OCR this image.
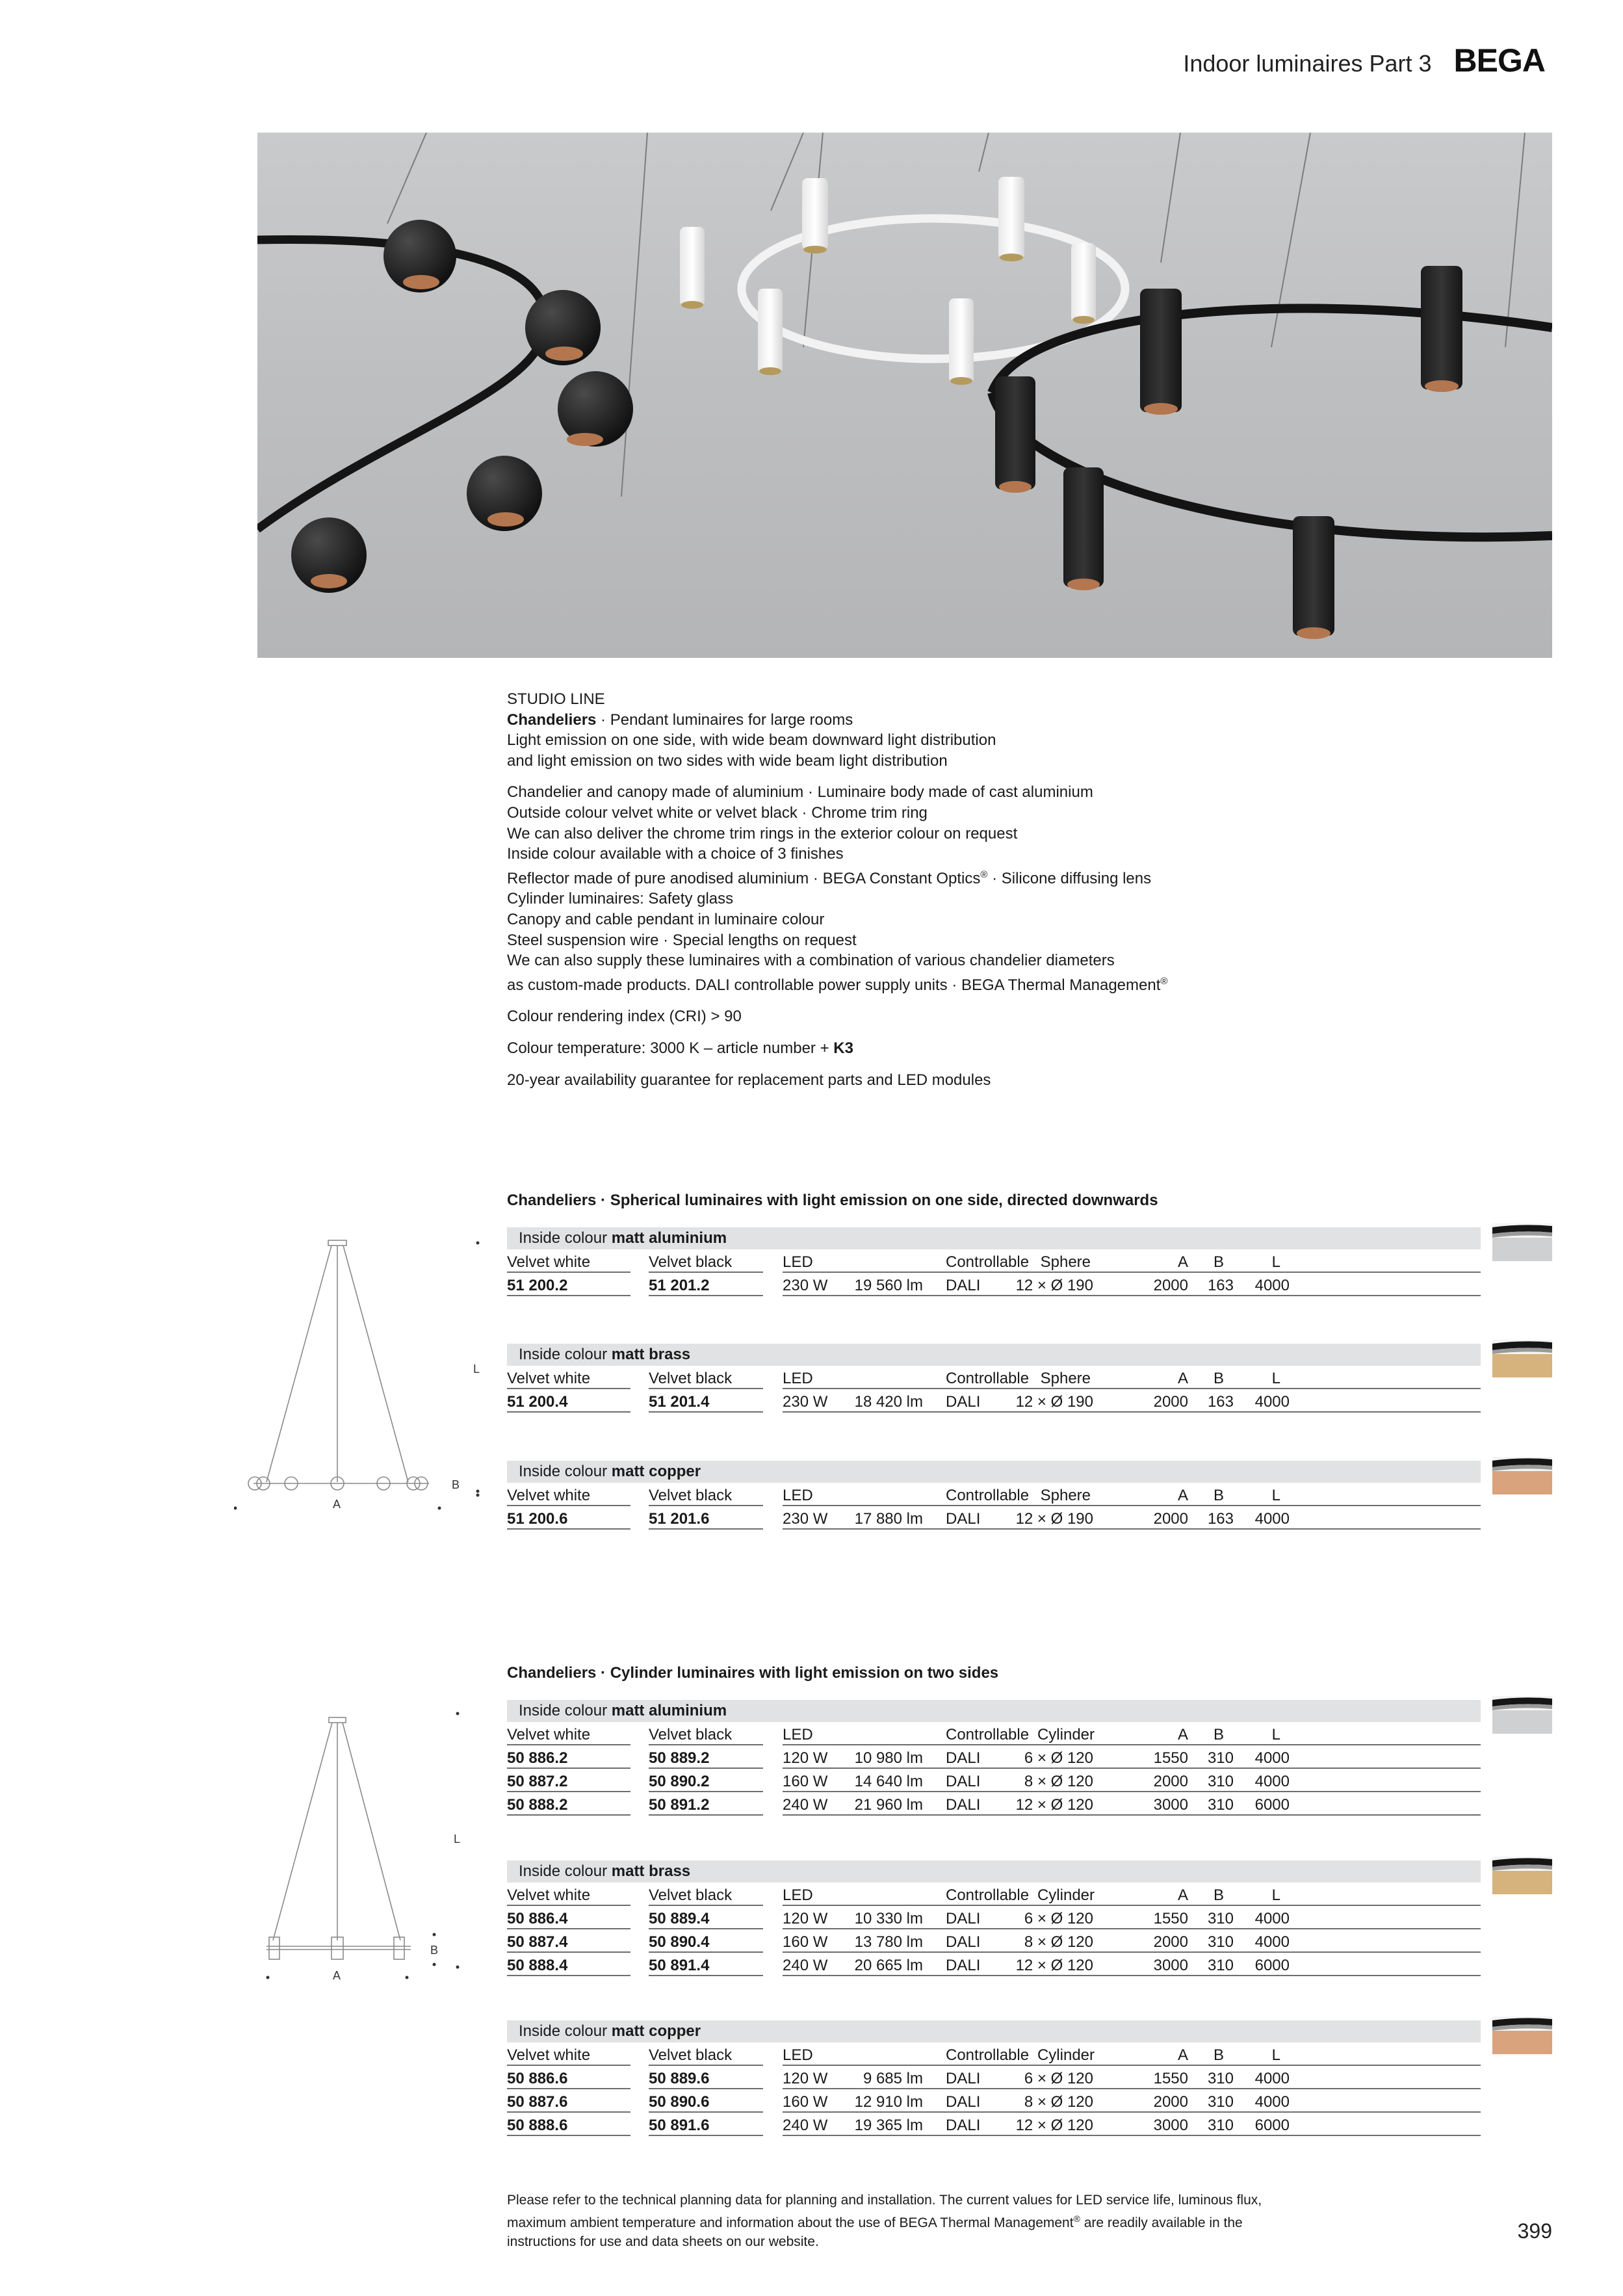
Indoor luminaires Part 3 BEGA

STUDIO LINE

Chandeliers · Pendant luminaires for large rooms

Light emission on one side, with wide beam downward light distribution

and light emission on two sides with wide beam light distribution

Chandelier and canopy made of aluminium · Luminaire body made of cast aluminium

Outside colour velvet white or velvet black · Chrome trim ring

We can also deliver the chrome trim rings in the exterior colour on request

Inside colour available with a choice of 3 finishes

Reflector made of pure anodised aluminium · BEGA Constant Optics® · Silicone diffusing lens

Cylinder luminaires: Safety glass

Canopy and cable pendant in luminaire colour

Steel suspension wire · Special lengths on request

We can also supply these luminaires with a combination of various chandelier diameters

as custom-made products. DALI controllable power supply units · BEGA Thermal Management®

Colour rendering index (CRI) > 90

Colour temperature: 3000 K – article number + K3

20-year availability guarantee for replacement parts and LED modules

Chandeliers · Spherical luminaires with light emission on one side, directed downwards
Chandeliers · Cylinder luminaires with light emission on two sides
Inside colour matt aluminium
Velvet white	Velvet black	LED	Controllable Sphere	A B	L
51 200.2	51 201.2	230 W 19 560 lm DALI 12 × Ø 190	2000 163 4000
Inside colour matt brass
Velvet white	Velvet black	LED	Controllable Sphere	A B	L
51 200.4	51 201.4	230 W 18 420 lm DALI 12 × Ø 190	2000 163 4000
Inside colour matt copper
Velvet white	Velvet black	LED	Controllable Sphere	A B	L
51 200.6	51 201.6	230 W 17 880 lm DALI 12 × Ø 190	2000 163 4000
Inside colour matt aluminium
Velvet white	Velvet black	LED	Controllable Cylinder	A B	L
50 886.2	50 889.2	120 W 10 980 lm DALI	6 × Ø 120	1550 310 4000
50 887.2	50 890.2	160 W 14 640 lm DALI	8 × Ø 120	2000 310 4000
50 888.2	50 891.2	240 W 21 960 lm DALI 12 × Ø 120	3000 310 6000
Inside colour matt brass
Velvet white	Velvet black	LED	Controllable Cylinder	A B	L
50 886.4	50 889.4	120 W 10 330 lm DALI	6 × Ø 120	1550 310 4000
50 887.4	50 890.4	160 W 13 780 lm DALI	8 × Ø 120	2000 310 4000
50 888.4	50 891.4	240 W 20 665 lm DALI 12 × Ø 120	3000 310 6000
Inside colour matt copper
Velvet white	Velvet black	LED	Controllable Cylinder	A B	L
50 886.6	50 889.6	120 W 9 685 lm DALI	6 × Ø 120	1550 310 4000
50 887.6	50 890.6	160 W 12 910 lm DALI	8 × Ø 120	2000 310 4000
50 888.6	50 891.6	240 W 19 365 lm DALI 12 × Ø 120	3000 310 6000
L
A
B
L
A
B
Please refer to the technical planning data for planning and installation. The current values for LED service life, luminous flux,
maximum ambient temperature and information about the use of BEGA Thermal Management® are readily available in the
instructions for use and data sheets on our website.	399
